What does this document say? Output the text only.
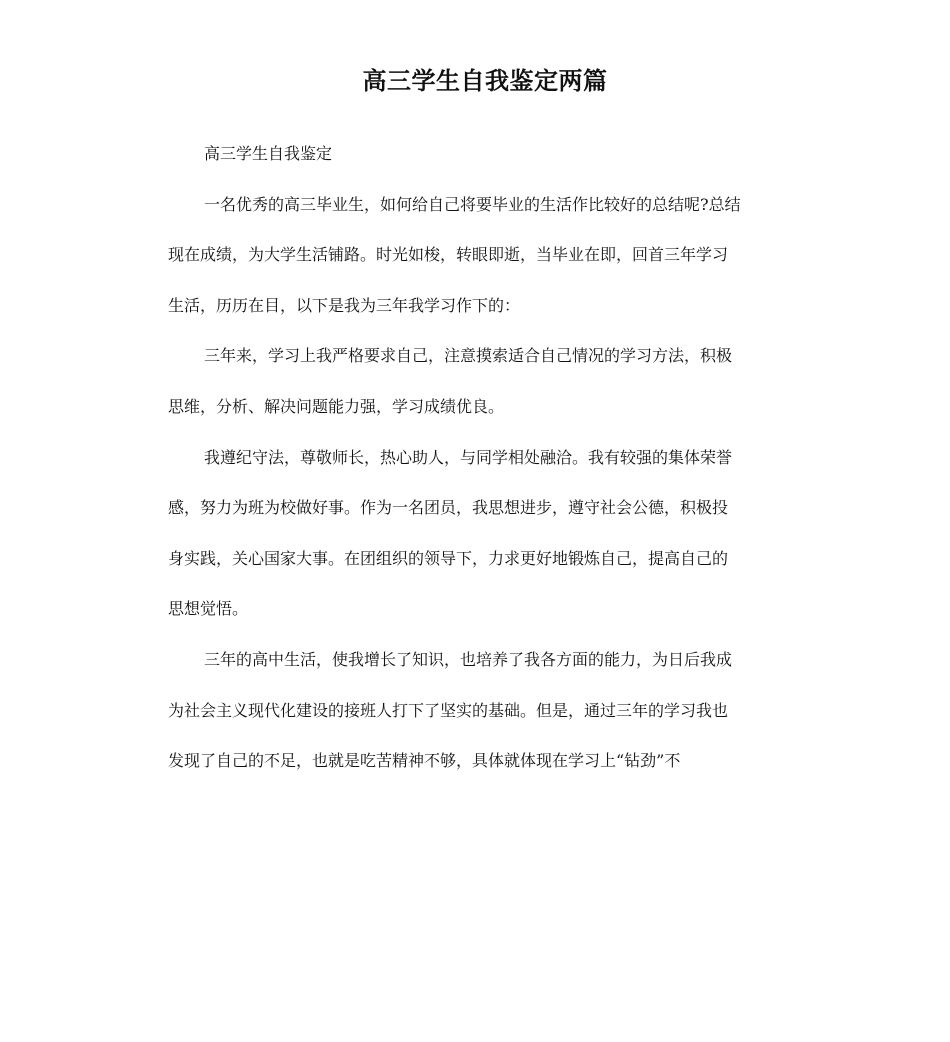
高三学生自我鉴定两篇
高三学生自我鉴定
一名优秀的高三毕业生，如何给自己将要毕业的生活作比较好的总结呢?总结
现在成绩，为大学生活铺路。时光如梭，转眼即逝，当毕业在即，回首三年学习
生活，历历在目，以下是我为三年我学习作下的：
三年来，学习上我严格要求自己，注意摸索适合自己情况的学习方法，积极
思维，分析、解决问题能力强，学习成绩优良。
我遵纪守法，尊敬师长，热心助人，与同学相处融洽。我有较强的集体荣誉
感，努力为班为校做好事。作为一名团员，我思想进步，遵守社会公德，积极投
身实践，关心国家大事。在团组织的领导下，力求更好地锻炼自己，提高自己的
思想觉悟。
三年的高中生活，使我增长了知识，也培养了我各方面的能力，为日后我成
为社会主义现代化建设的接班人打下了坚实的基础。但是，通过三年的学习我也
发现了自己的不足，也就是吃苦精神不够，具体就体现在学习上“钻劲”不
